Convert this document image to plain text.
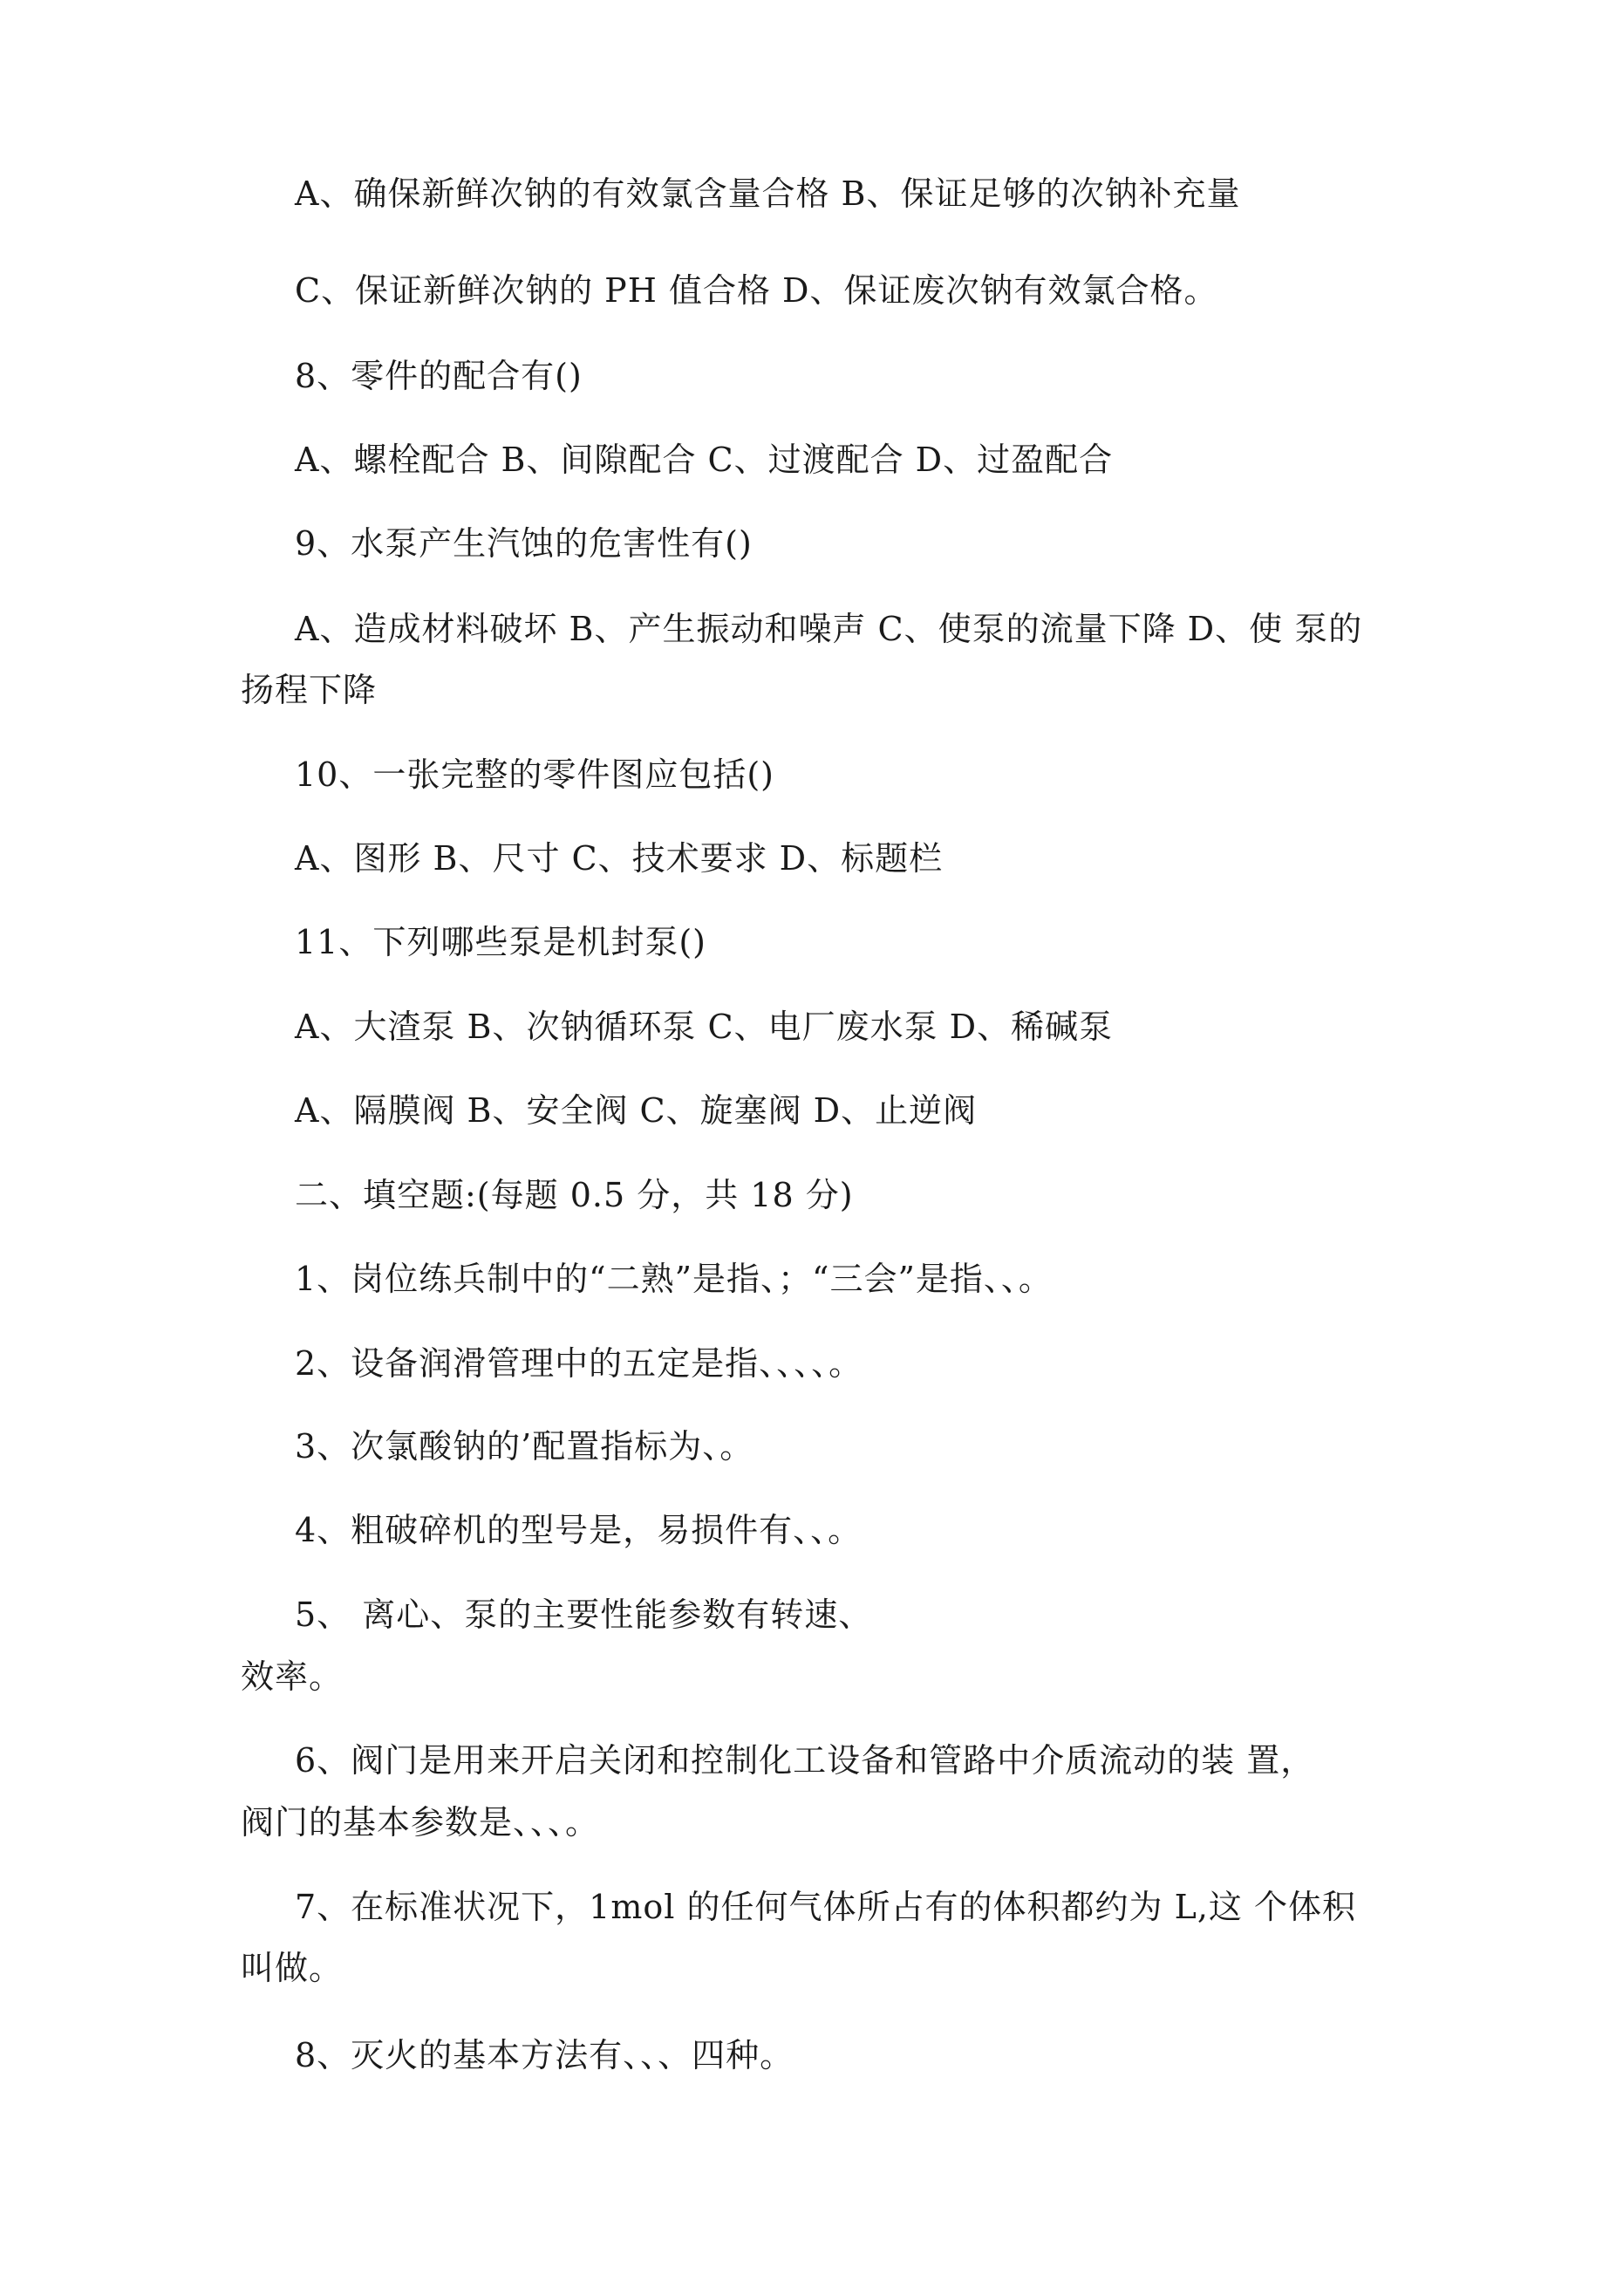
A、确保新鲜次钠的有效氯含量合格 B、保证足够的次钠补充量
C、保证新鲜次钠的 PH 值合格 D、保证废次钠有效氯合格。
8、零件的配合有()
A、螺栓配合 B、间隙配合 C、过渡配合 D、过盈配合
9、水泵产生汽蚀的危害性有()
A、造成材料破坏 B、产生振动和噪声 C、使泵的流量下降 D、使 泵的
扬程下降
10、一张完整的零件图应包括()
A、图形 B、尺寸 C、技术要求 D、标题栏
11、下列哪些泵是机封泵()
A、大渣泵 B、次钠循环泵 C、电厂废水泵 D、稀碱泵
A、隔膜阀 B、安全阀 C、旋塞阀 D、止逆阀
二、填空题:(每题 0.5 分，共 18 分)
1、岗位练兵制中的“二熟”是指、；“三会”是指、、。
2、设备润滑管理中的五定是指、、、、。
3、次氯酸钠的’配置指标为、。
4、粗破碎机的型号是，易损件有、、。
5、 离心、泵的主要性能参数有转速、
效率。
6、阀门是用来开启关闭和控制化工设备和管路中介质流动的装 置，
阀门的基本参数是、、、。
7、在标准状况下，1mol 的任何气体所占有的体积都约为 L,这 个体积
叫做。
8、灭火的基本方法有、、、四种。
